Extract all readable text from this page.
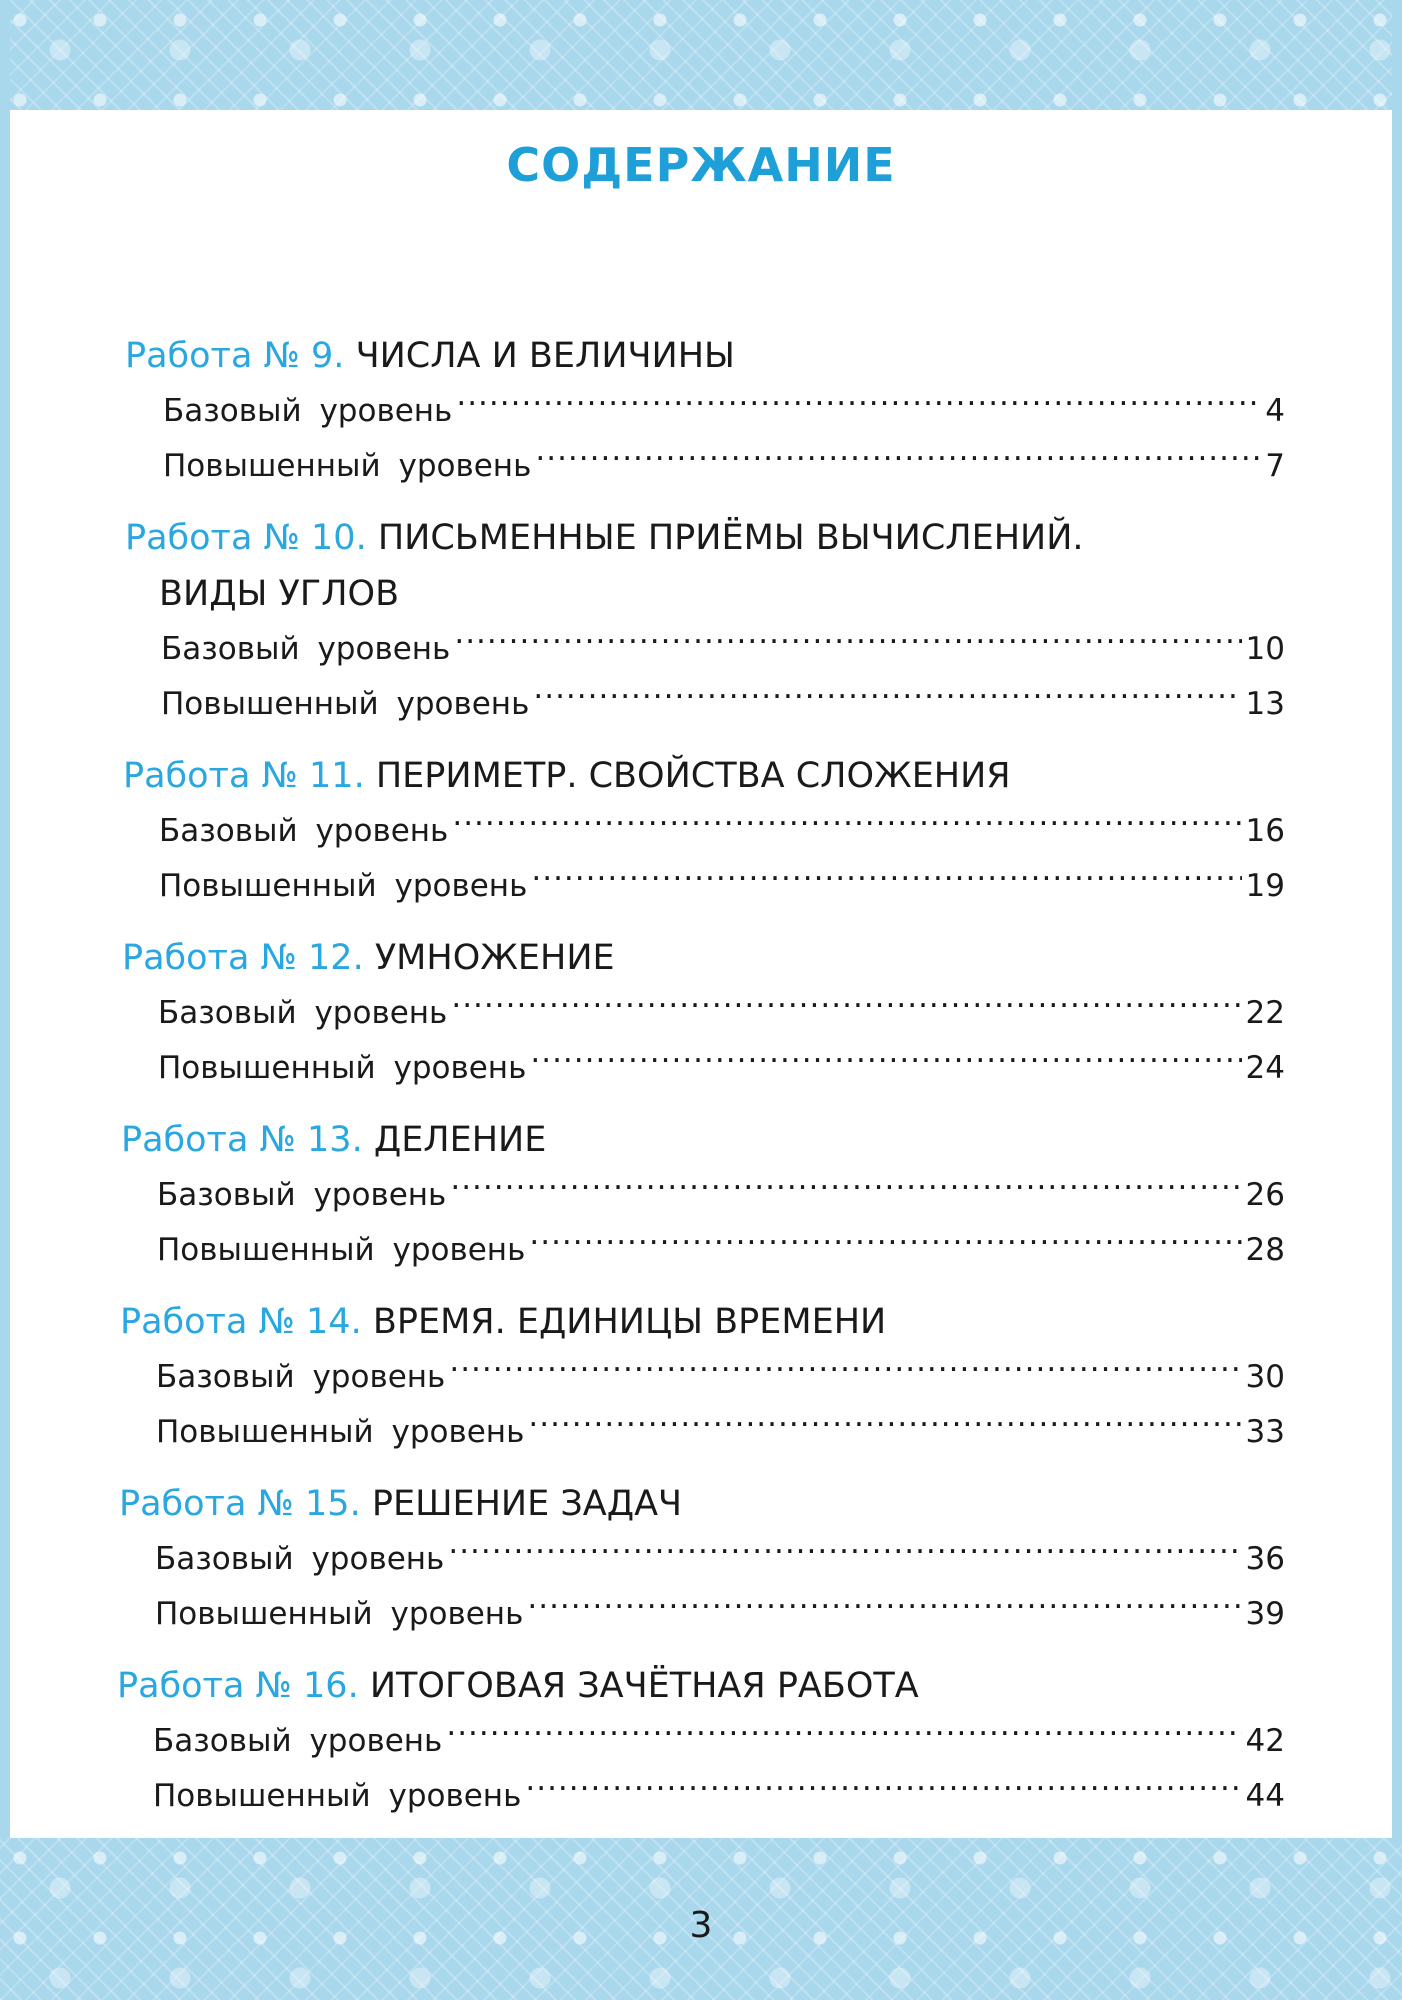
СОДЕРЖАНИЕ
Работа № 9. ЧИСЛА И ВЕЛИЧИНЫ
Базовый уровень .....	4
Повышенный уровень .....	7
Работа № 10. ПИСЬМЕННЫЕ ПРИЁМЫ ВЫЧИСЛЕНИЙ.
ВИДЫ УГЛОВ
Базовый уровень .....	10
Повышенный уровень .....	13
Работа № 11. ПЕРИМЕТР. СВОЙСТВА СЛОЖЕНИЯ
Базовый уровень .....	16
Повышенный уровень .....	19
Работа № 12. УМНОЖЕНИЕ
Базовый уровень .....	22
Повышенный уровень .....	24
Работа № 13. ДЕЛЕНИЕ
Базовый уровень .....	26
Повышенный уровень .....	28
Работа № 14. ВРЕМЯ. ЕДИНИЦЫ ВРЕМЕНИ
Базовый уровень .....	30
Повышенный уровень .....	33
Работа № 15. РЕШЕНИЕ ЗАДАЧ
Базовый уровень .....	36
Повышенный уровень .....	39
Работа № 16. ИТОГОВАЯ ЗАЧЁТНАЯ РАБОТА
Базовый уровень .....	42
Повышенный уровень .....	44
3
